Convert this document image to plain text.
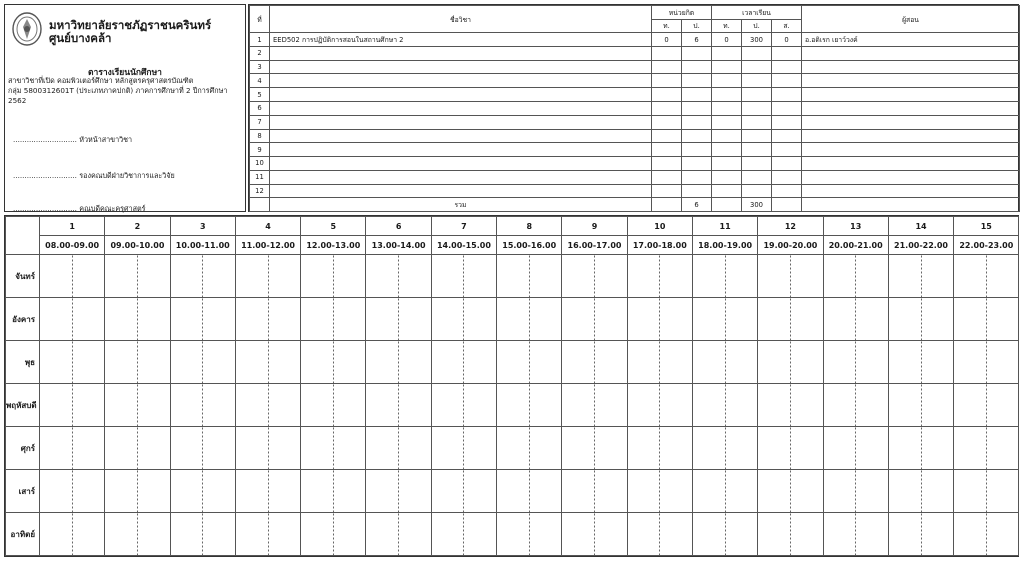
มหาวิทยาลัยราชภัฏราชนครินทร์
ศูนย์บางคล้า
ตารางเรียนนักศึกษา
สาขาวิชาที่เปิด คอมพิวเตอร์ศึกษา หลักสูตรครุศาสตรบัณฑิต
กลุ่ม 5800312601T (ประเภทภาคปกติ) ภาคการศึกษาที่ 2 ปีการศึกษา
2562
............................ หัวหน้าสาขาวิชา
............................ รองคณบดีฝ่ายวิชาการและวิจัย
............................ คณบดีคณะครุศาสตร์
ที่	ชื่อวิชา	หน่วยกิต		เวลาเรียน			ผู้สอน
		ท.	ป.	ท.	ป.	ส.	
1	EED502 การปฏิบัติการสอนในสถานศึกษา 2	0	6	0	300	0	อ.อดิเรก เยาว์วงค์
2							
3							
4							
5							
6							
7							
8							
9							
10							
11							
12							
	รวม		6		300		
	1	2	3	4	5	6	7	8	9	10	11	12	13	14	15
	08.00-09.00	09.00-10.00	10.00-11.00	11.00-12.00	12.00-13.00	13.00-14.00	14.00-15.00	15.00-16.00	16.00-17.00	17.00-18.00	18.00-19.00	19.00-20.00	20.00-21.00	21.00-22.00	22.00-23.00
จันทร์															
อังคาร															
พุธ															
พฤหัสบดี															
ศุกร์															
เสาร์															
อาทิตย์															
